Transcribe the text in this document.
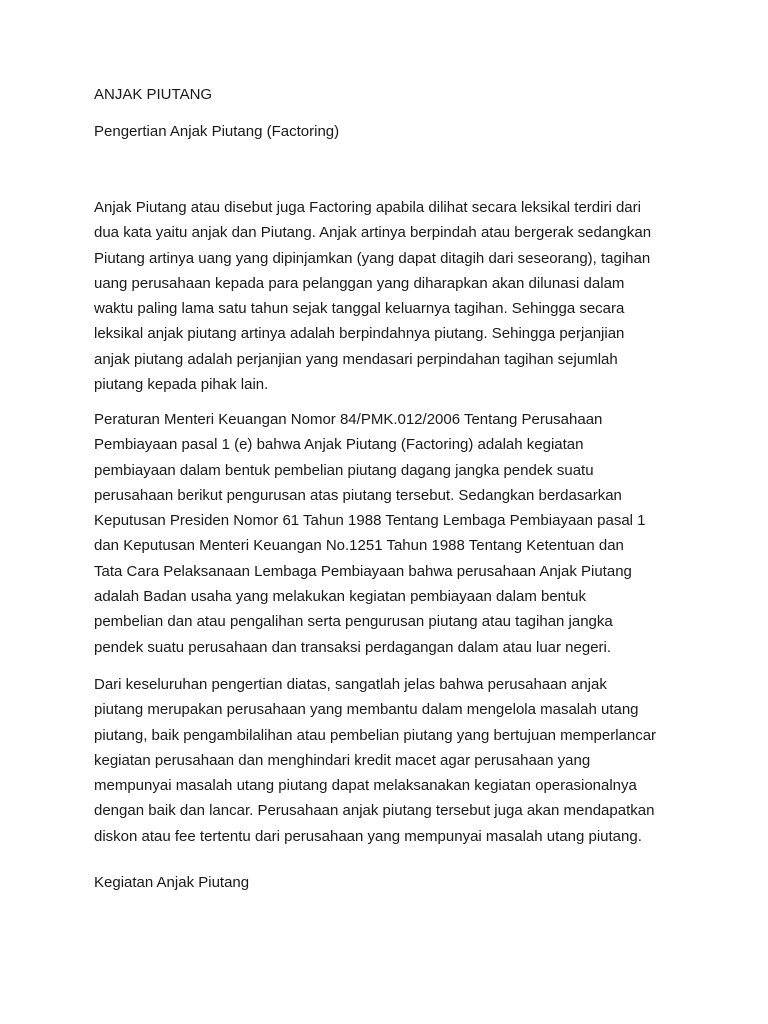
ANJAK PIUTANG

Pengertian Anjak Piutang (Factoring)

Anjak Piutang atau disebut juga Factoring apabila dilihat secara leksikal terdiri dari
dua kata yaitu anjak dan Piutang. Anjak artinya berpindah atau bergerak sedangkan
Piutang artinya uang yang dipinjamkan (yang dapat ditagih dari seseorang), tagihan
uang perusahaan kepada para pelanggan yang diharapkan akan dilunasi dalam
waktu paling lama satu tahun sejak tanggal keluarnya tagihan. Sehingga secara
leksikal anjak piutang artinya adalah berpindahnya piutang. Sehingga perjanjian
anjak piutang adalah perjanjian yang mendasari perpindahan tagihan sejumlah
piutang kepada pihak lain.

Peraturan Menteri Keuangan Nomor 84/PMK.012/2006 Tentang Perusahaan
Pembiayaan pasal 1 (e) bahwa Anjak Piutang (Factoring) adalah kegiatan
pembiayaan dalam bentuk pembelian piutang dagang jangka pendek suatu
perusahaan berikut pengurusan atas piutang tersebut. Sedangkan berdasarkan
Keputusan Presiden Nomor 61 Tahun 1988 Tentang Lembaga Pembiayaan pasal 1
dan Keputusan Menteri Keuangan No.1251 Tahun 1988 Tentang Ketentuan dan
Tata Cara Pelaksanaan Lembaga Pembiayaan bahwa perusahaan Anjak Piutang
adalah Badan usaha yang melakukan kegiatan pembiayaan dalam bentuk
pembelian dan atau pengalihan serta pengurusan piutang atau tagihan jangka
pendek suatu perusahaan dan transaksi perdagangan dalam atau luar negeri.

Dari keseluruhan pengertian diatas, sangatlah jelas bahwa perusahaan anjak
piutang merupakan perusahaan yang membantu dalam mengelola masalah utang
piutang, baik pengambilalihan atau pembelian piutang yang bertujuan memperlancar
kegiatan perusahaan dan menghindari kredit macet agar perusahaan yang
mempunyai masalah utang piutang dapat melaksanakan kegiatan operasionalnya
dengan baik dan lancar. Perusahaan anjak piutang tersebut juga akan mendapatkan
diskon atau fee tertentu dari perusahaan yang mempunyai masalah utang piutang.

Kegiatan Anjak Piutang
